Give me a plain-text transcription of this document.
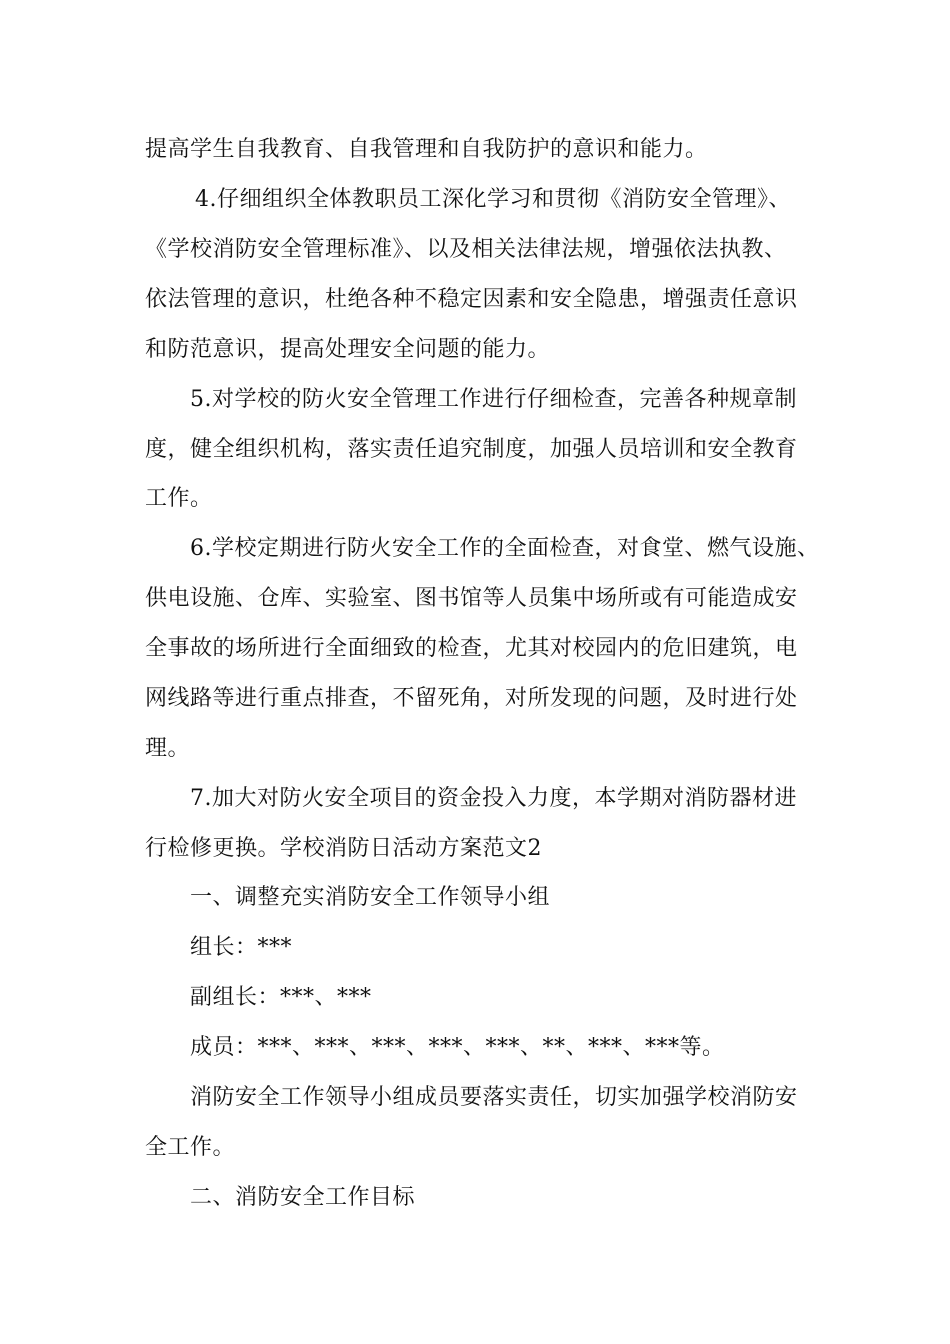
提高学生自我教育、自我管理和自我防护的意识和能力。
4.仔细组织全体教职员工深化学习和贯彻《消防安全管理》、
《学校消防安全管理标准》、以及相关法律法规，增强依法执教、
依法管理的意识，杜绝各种不稳定因素和安全隐患，增强责任意识
和防范意识，提高处理安全问题的能力。
5.对学校的防火安全管理工作进行仔细检查，完善各种规章制
度，健全组织机构，落实责任追究制度，加强人员培训和安全教育
工作。
6.学校定期进行防火安全工作的全面检查，对食堂、燃气设施、
供电设施、仓库、实验室、图书馆等人员集中场所或有可能造成安
全事故的场所进行全面细致的检查，尤其对校园内的危旧建筑，电
网线路等进行重点排查，不留死角，对所发现的问题，及时进行处
理。
7.加大对防火安全项目的资金投入力度，本学期对消防器材进
行检修更换。学校消防日活动方案范文2
一、调整充实消防安全工作领导小组
组长：***
副组长：***、***
成员：***、***、***、***、***、**、***、***等。
消防安全工作领导小组成员要落实责任，切实加强学校消防安
全工作。
二、消防安全工作目标
